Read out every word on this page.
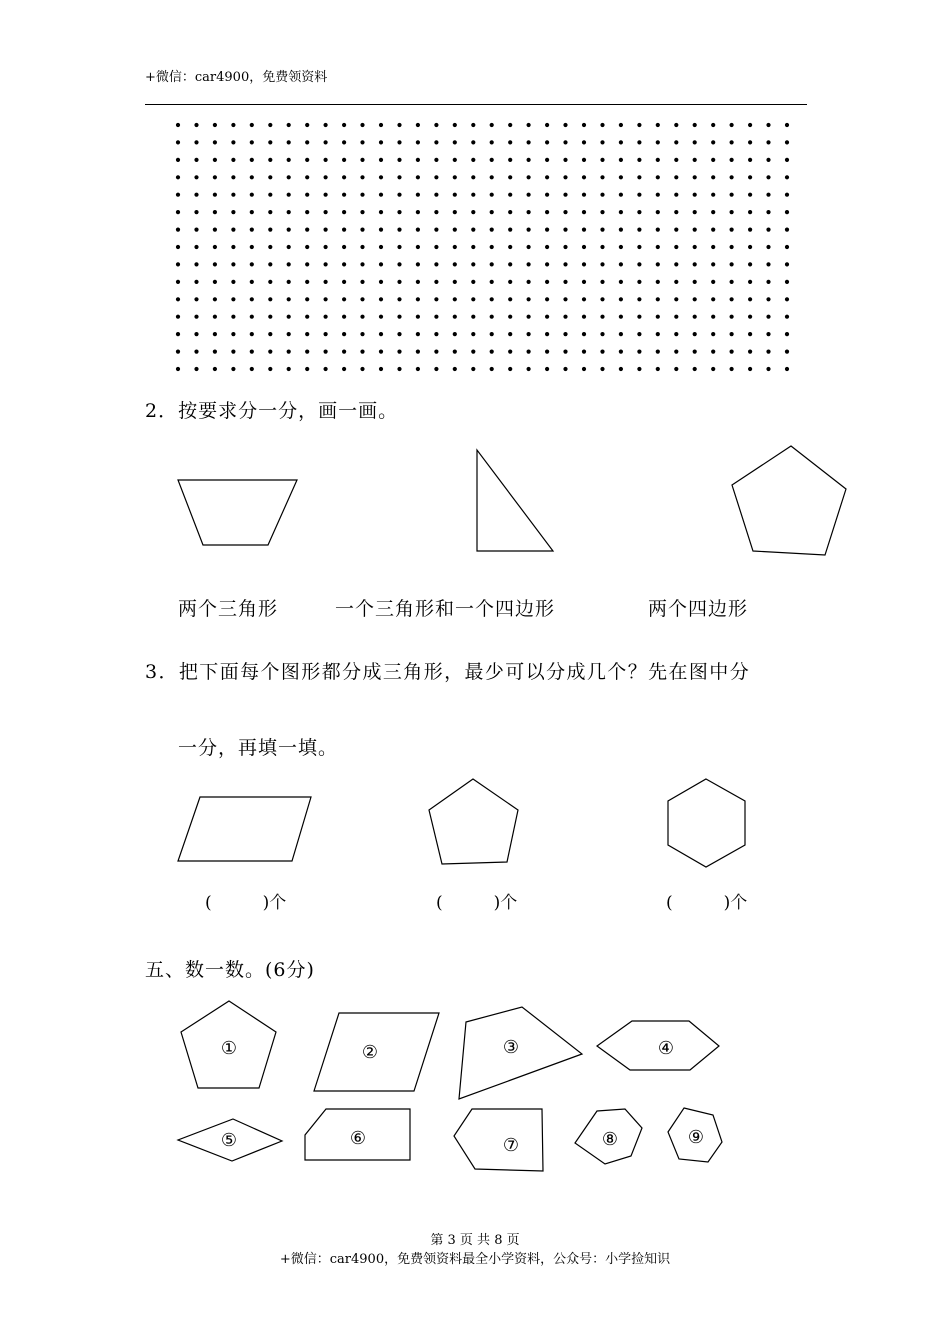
+微信：car4900，免费领资料
①	②	③	④
⑤	⑥	⑦	⑧	⑨
2．按要求分一分，画一画。
两个三角形	一个三角形和一个四边形	两个四边形
3．把下面每个图形都分成三角形，最少可以分成几个？先在图中分
一分，再填一填。
(　　　)个	(　　　)个	(　　　)个
五、数一数。(6分)
第 3 页 共 8 页
+微信：car4900，免费领资料最全小学资料，公众号：小学捡知识
